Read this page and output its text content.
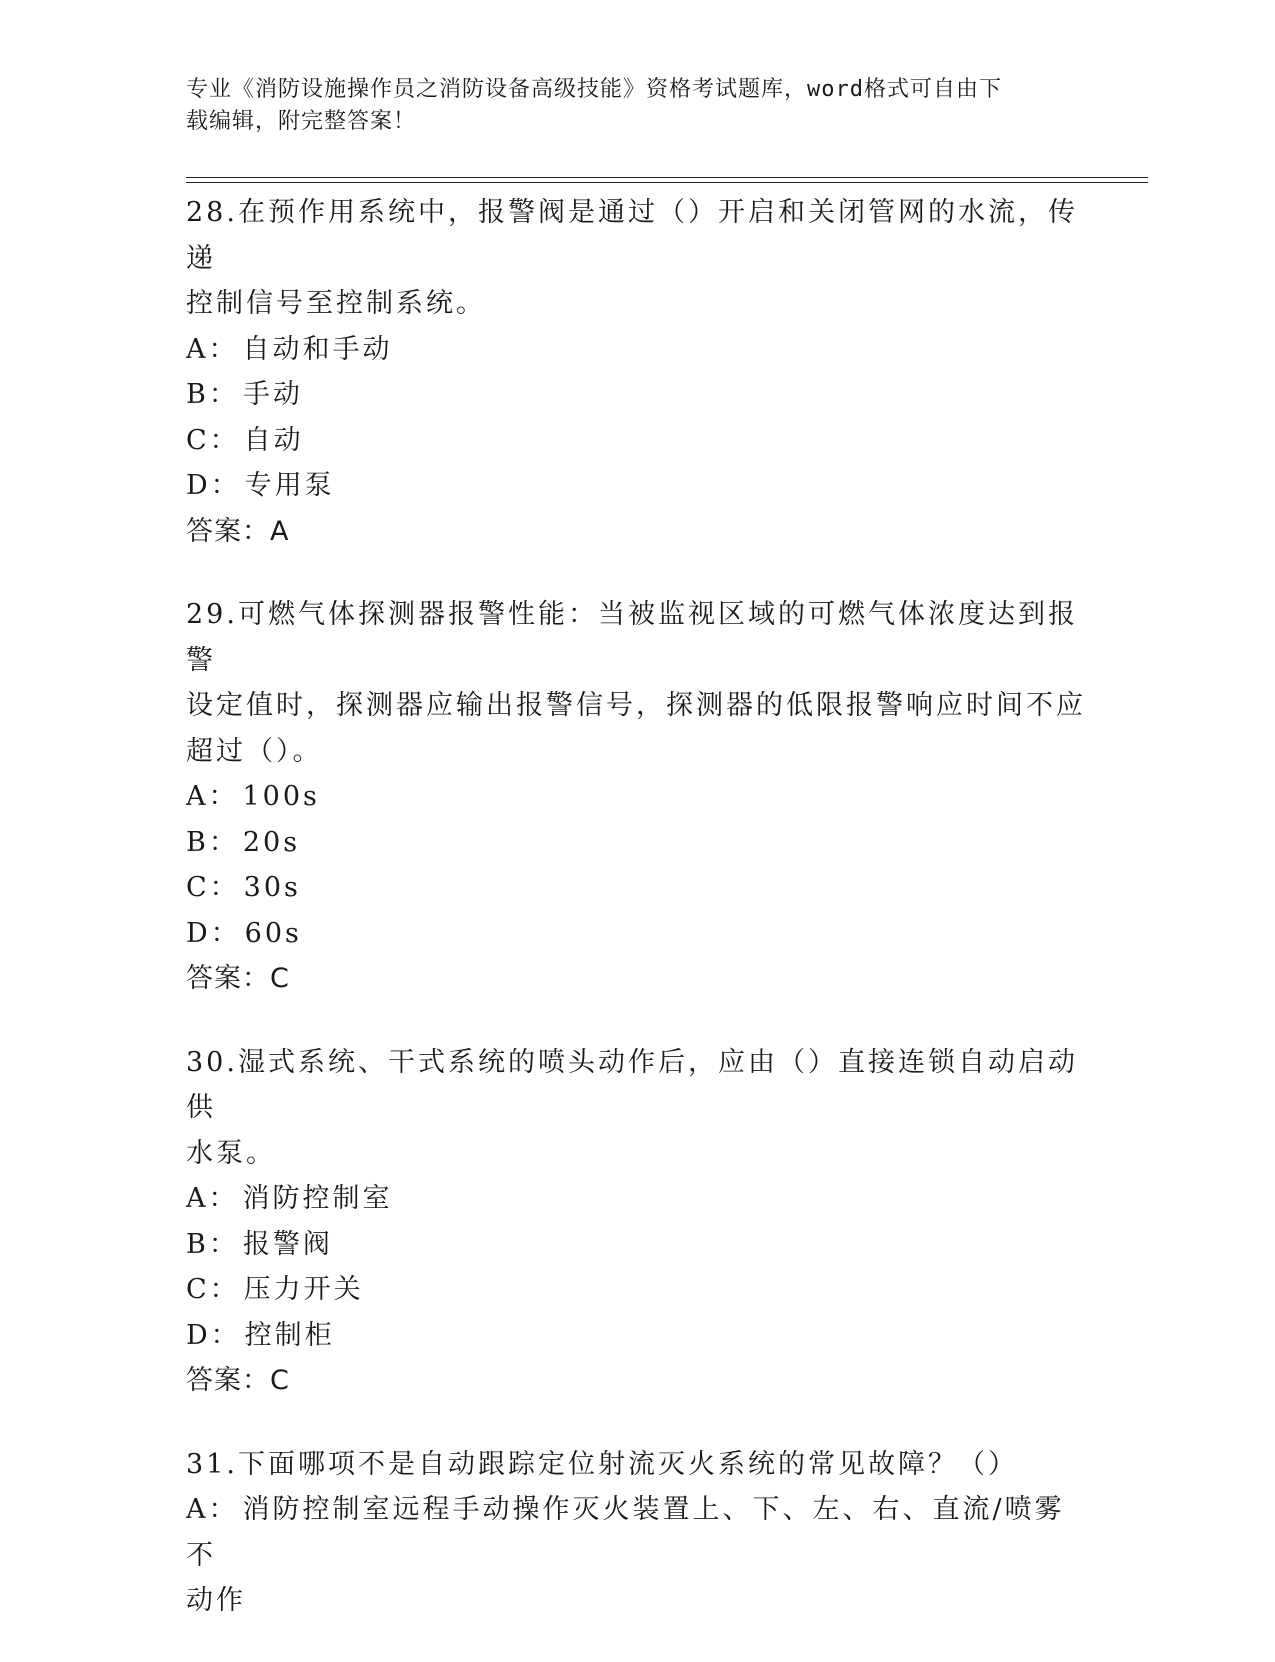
专业《消防设施操作员之消防设备高级技能》资格考试题库，word格式可自由下
载编辑，附完整答案！
28.在预作用系统中，报警阀是通过（）开启和关闭管网的水流，传递
控制信号至控制系统。
A： 自动和手动
B： 手动
C： 自动
D： 专用泵
答案：A
29.可燃气体探测器报警性能：当被监视区域的可燃气体浓度达到报警
设定值时，探测器应输出报警信号，探测器的低限报警响应时间不应
超过（）。
A： 100s
B： 20s
C： 30s
D： 60s
答案：C
30.湿式系统、干式系统的喷头动作后，应由（）直接连锁自动启动供
水泵。
A： 消防控制室
B： 报警阀
C： 压力开关
D： 控制柜
答案：C
31.下面哪项不是自动跟踪定位射流灭火系统的常见故障？（）
A： 消防控制室远程手动操作灭火装置上、下、左、右、直流/喷雾不
动作
